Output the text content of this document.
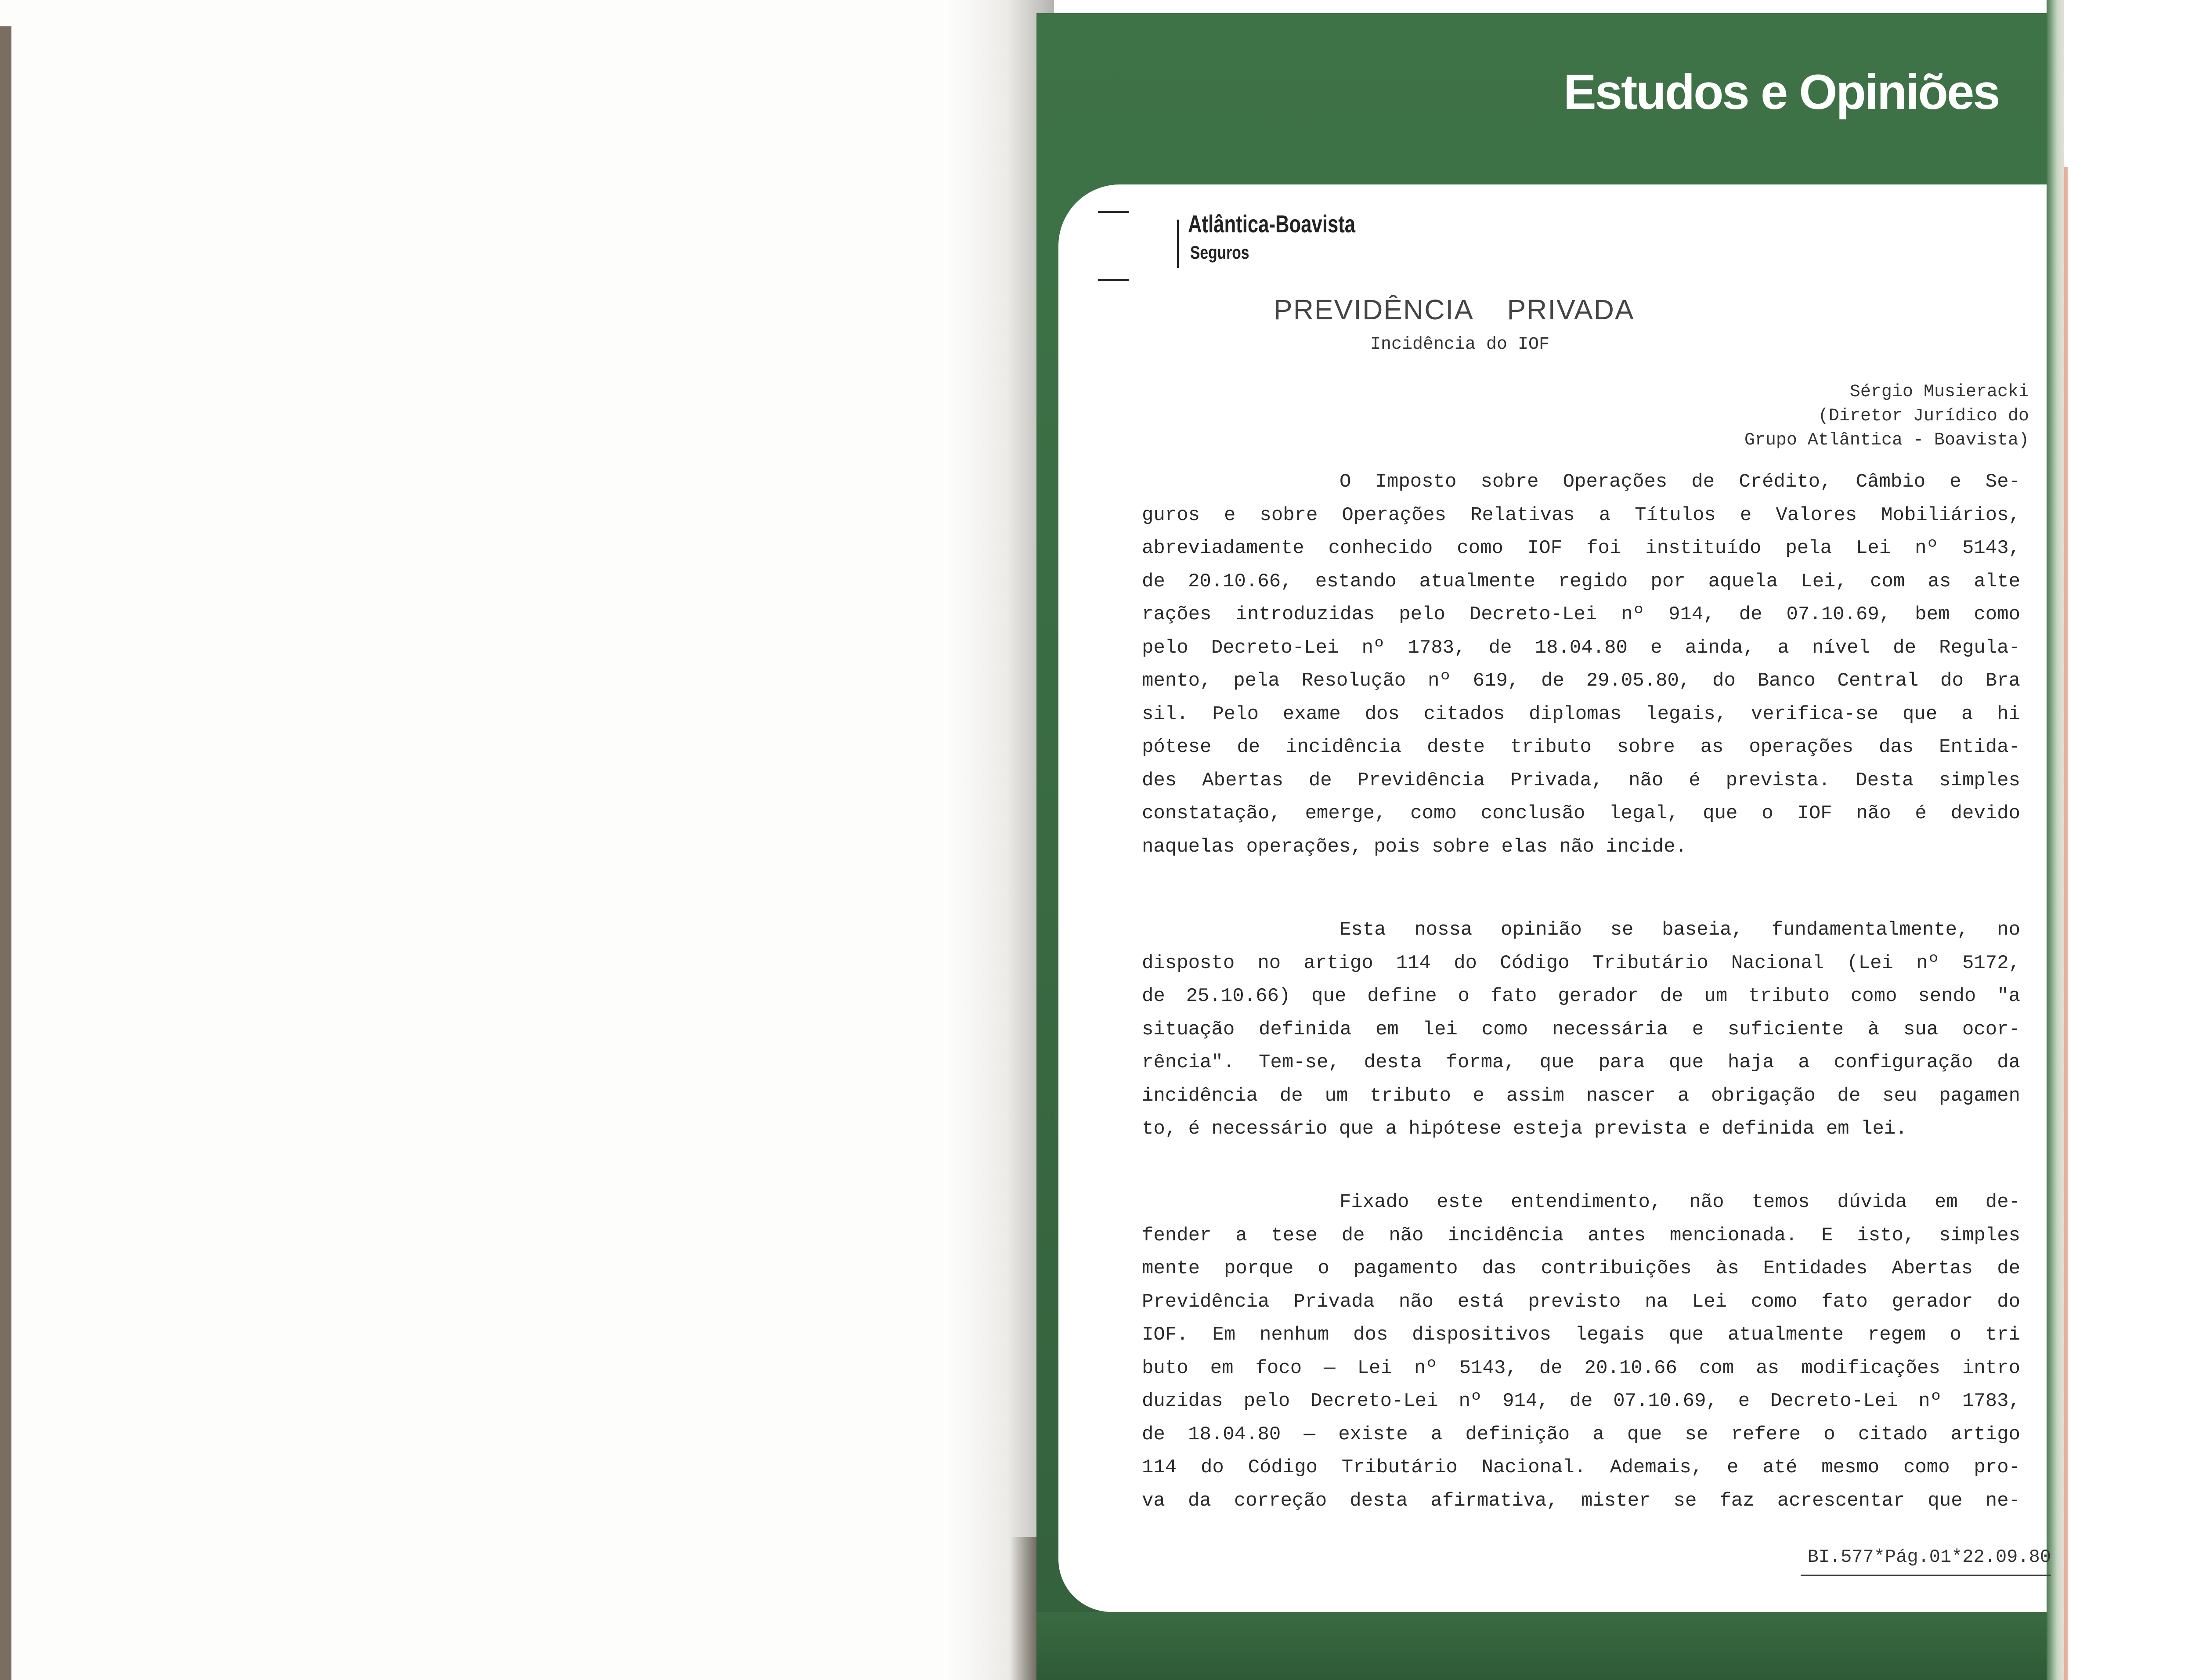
Estudos e Opiniões
Atlântica-Boavista
Seguros
PREVIDÊNCIA    PRIVADA
Incidência do IOF
Sérgio Musieracki
(Diretor Jurídico do
Grupo Atlântica - Boavista)
O Imposto sobre Operações de Crédito, Câmbio e Se-
guros e sobre Operações Relativas a Títulos e Valores Mobiliários,
abreviadamente conhecido como IOF foi instituído pela Lei nº 5143,
de 20.10.66, estando atualmente regido por aquela Lei, com as alte
rações introduzidas pelo Decreto-Lei nº 914, de 07.10.69, bem como
pelo Decreto-Lei nº 1783, de 18.04.80 e ainda, a nível de Regula-
mento, pela Resolução nº 619, de 29.05.80, do Banco Central do Bra
sil. Pelo exame dos citados diplomas legais, verifica-se que a hi
pótese de incidência deste tributo sobre as operações das Entida-
des Abertas de Previdência Privada, não é prevista. Desta simples
constatação, emerge, como conclusão legal, que o IOF não é devido
naquelas operações, pois sobre elas não incide.
Esta nossa opinião se baseia, fundamentalmente, no
disposto no artigo 114 do Código Tributário Nacional (Lei nº 5172,
de 25.10.66) que define o fato gerador de um tributo como sendo "a
situação definida em lei como necessária e suficiente à sua ocor-
rência". Tem-se, desta forma, que para que haja a configuração da
incidência de um tributo e assim nascer a obrigação de seu pagamen
to, é necessário que a hipótese esteja prevista e definida em lei.
Fixado este entendimento, não temos dúvida em de-
fender a tese de não incidência antes mencionada. E isto, simples
mente porque o pagamento das contribuições às Entidades Abertas de
Previdência Privada não está previsto na Lei como fato gerador do
IOF. Em nenhum dos dispositivos legais que atualmente regem o tri
buto em foco — Lei nº 5143, de 20.10.66 com as modificações intro
duzidas pelo Decreto-Lei nº 914, de 07.10.69, e Decreto-Lei nº 1783,
de 18.04.80 — existe a definição a que se refere o citado artigo
114 do Código Tributário Nacional. Ademais, e até mesmo como pro-
va da correção desta afirmativa, mister se faz acrescentar que ne-
BI.577*Pág.01*22.09.80
